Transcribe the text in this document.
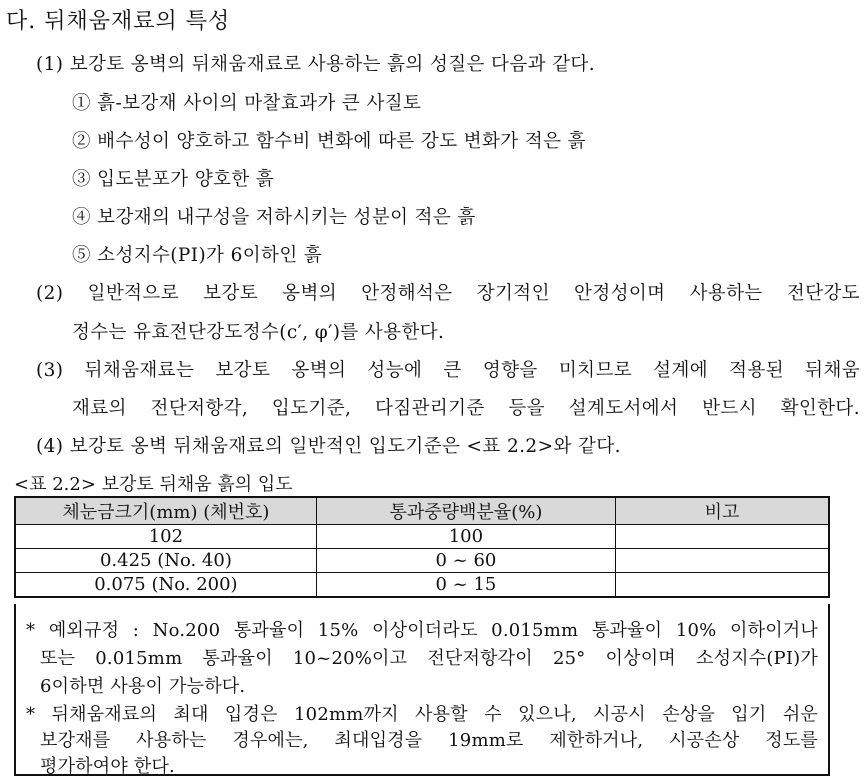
다. 뒤채움재료의 특성
(1) 보강토 옹벽의 뒤채움재료로 사용하는 흙의 성질은 다음과 같다.
① 흙-보강재 사이의 마찰효과가 큰 사질토
② 배수성이 양호하고 함수비 변화에 따른 강도 변화가 적은 흙
③ 입도분포가 양호한 흙
④ 보강재의 내구성을 저하시키는 성분이 적은 흙
⑤ 소성지수(PI)가 6이하인 흙
(2) 일반적으로 보강토 옹벽의 안정해석은 장기적인 안정성이며 사용하는 전단강도
정수는 유효전단강도정수(c′, φ′)를 사용한다.
(3) 뒤채움재료는 보강토 옹벽의 성능에 큰 영향을 미치므로 설계에 적용된 뒤채움
재료의 전단저항각, 입도기준, 다짐관리기준 등을 설계도서에서 반드시 확인한다.
(4) 보강토 옹벽 뒤채움재료의 일반적인 입도기준은 <표 2.2>와 같다.
<표 2.2> 보강토 뒤채움 흙의 입도
체눈금크기(mm) (체번호)	통과중량백분율(%)	비고
102	100	
0.425 (No. 40)	0 ~ 60	
0.075 (No. 200)	0 ~ 15	
* 예외규정 : No.200 통과율이 15% 이상이더라도 0.015mm 통과율이 10% 이하이거나
또는 0.015mm 통과율이 10~20%이고 전단저항각이 25° 이상이며 소성지수(PI)가
6이하면 사용이 가능하다.
* 뒤채움재료의 최대 입경은 102mm까지 사용할 수 있으나, 시공시 손상을 입기 쉬운
보강재를 사용하는 경우에는, 최대입경을 19mm로 제한하거나, 시공손상 정도를
평가하여야 한다.
